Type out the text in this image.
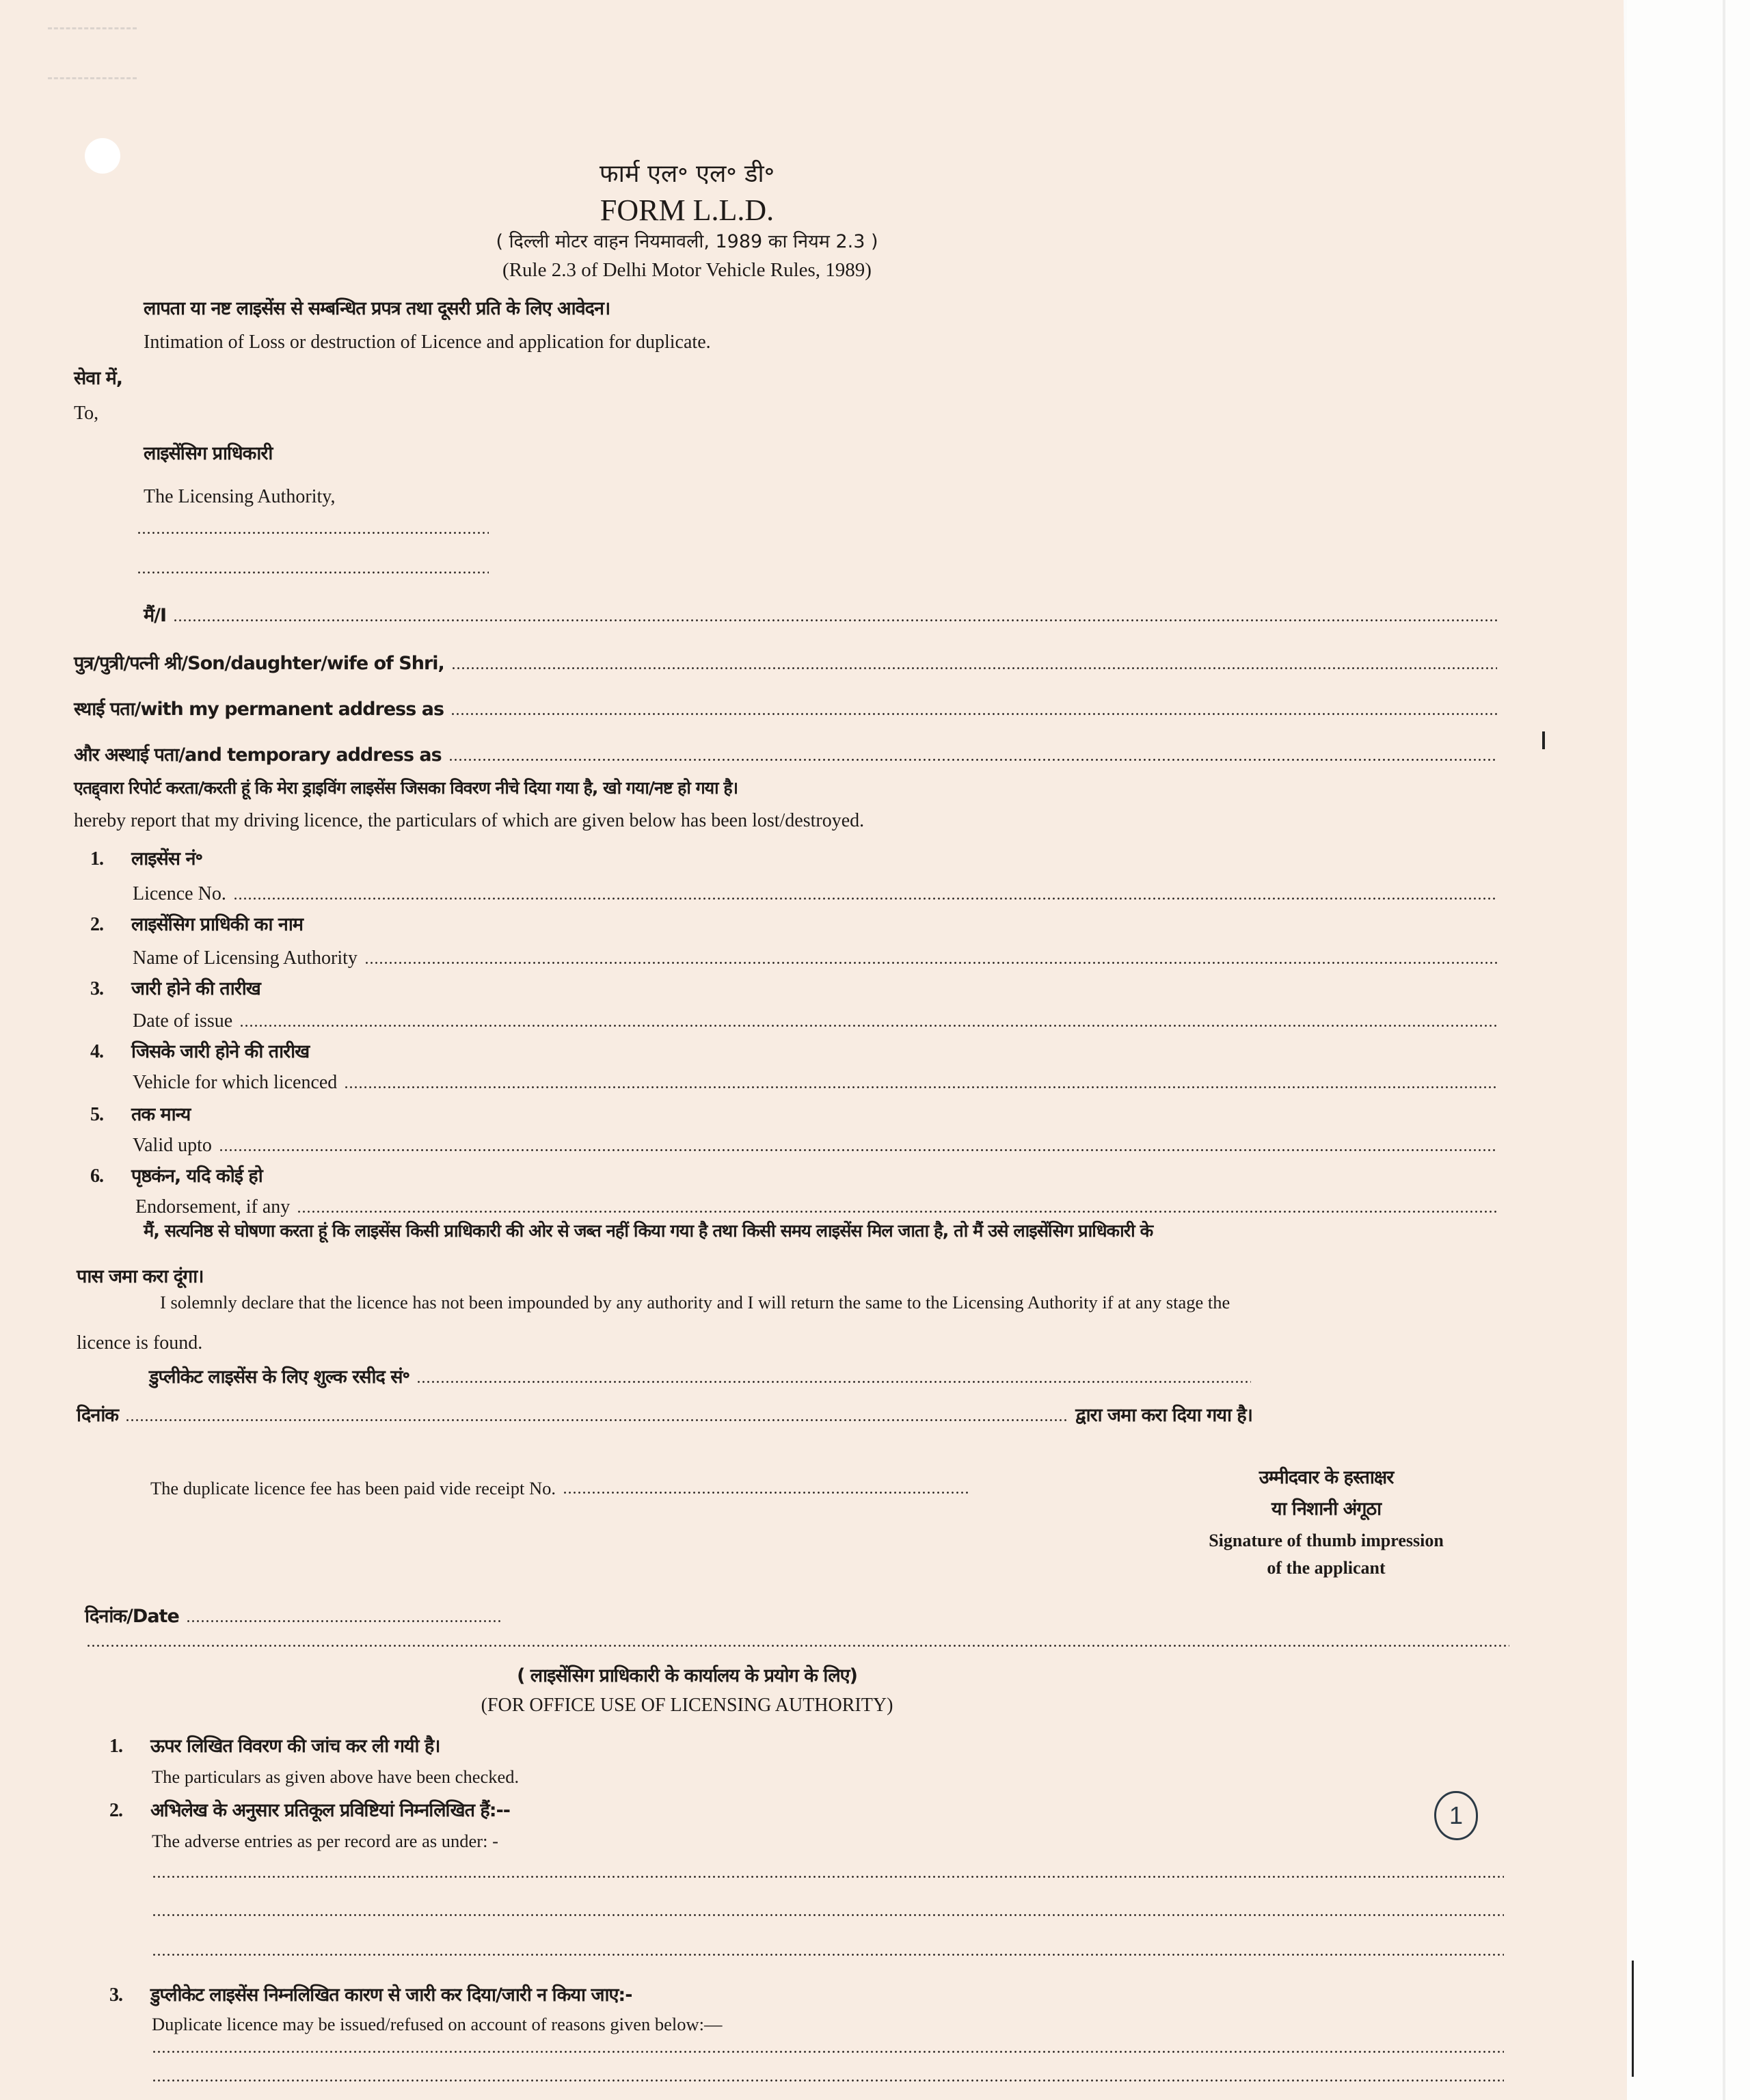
फार्म एल॰ एल॰ डी॰
FORM L.L.D.
( दिल्ली मोटर वाहन नियमावली, 1989 का नियम 2.3 )
(Rule 2.3 of Delhi Motor Vehicle Rules, 1989)
लापता या नष्ट लाइसेंस से सम्बन्धित प्रपत्र तथा दूसरी प्रति के लिए आवेदन।
Intimation of Loss or destruction of Licence and application for duplicate.
सेवा में,
To,
लाइसेंसिग प्राधिकारी
The Licensing Authority,
मैं/I
पुत्र/पुत्री/पत्नी श्री/Son/daughter/wife of Shri,
स्थाई पता/with my permanent address as
और अस्थाई पता/and temporary address as
एतद्द्वारा रिपोर्ट करता/करती हूं कि मेरा ड्राइविंग लाइसेंस जिसका विवरण नीचे दिया गया है, खो गया/नष्ट हो गया है।
hereby report that my driving licence, the particulars of which are given below has been lost/destroyed.
1. लाइसेंस नं॰
Licence No.
2. लाइसेंसिग प्राधिकी का नाम
Name of Licensing Authority
3. जारी होने की तारीख
Date of issue
4. जिसके जारी होने की तारीख
Vehicle for which licenced
5. तक मान्य
Valid upto
6. पृष्ठकंन, यदि कोई हो
Endorsement, if any
मैं, सत्यनिष्ठ से घोषणा करता हूं कि लाइसेंस किसी प्राधिकारी की ओर से जब्त नहीं किया गया है तथा किसी समय लाइसेंस मिल जाता है, तो मैं उसे लाइसेंसिग प्राधिकारी के
पास जमा करा दूंगा।
I solemnly declare that the licence has not been impounded by any authority and I will return the same to the Licensing Authority if at any stage the
licence is found.
डुप्लीकेट लाइसेंस के लिए शुल्क रसीद सं॰
दिनांक	द्वारा जमा करा दिया गया है।
The duplicate licence fee has been paid vide receipt No.	उम्मीदवार के हस्ताक्षर
या निशानी अंगूठा
Signature of thumb impression
of the applicant
दिनांक/Date
( लाइसेंसिग प्राधिकारी के कार्यालय के प्रयोग के लिए)
(FOR OFFICE USE OF LICENSING AUTHORITY)
1. ऊपर लिखित विवरण की जांच कर ली गयी है।
The particulars as given above have been checked.
2. अभिलेख के अनुसार प्रतिकूल प्रविष्टियां निम्नलिखित हैं:--
The adverse entries as per record are as under: -
1
3. डुप्लीकेट लाइसेंस निम्नलिखित कारण से जारी कर दिया/जारी न किया जाए:-
Duplicate licence may be issued/refused on account of reasons given below:—
